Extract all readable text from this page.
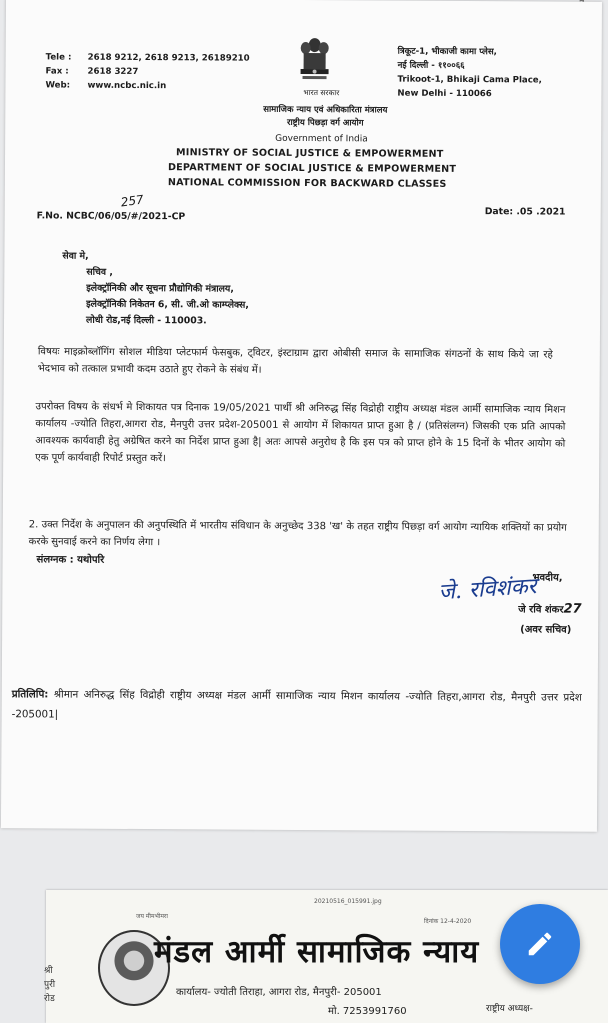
Tele : 2618 9212, 2618 9213, 26189210
Fax : 2618 3227
Web: www.ncbc.nic.in
भारत सरकार
त्रिकूट-1, भीकाजी कामा प्लेस,
नई दिल्ली - ११००६६
Trikoot-1, Bhikaji Cama Place,
New Delhi - 110066
सामाजिक न्याय एवं अधिकारिता मंत्रालय
राष्ट्रीय पिछड़ा वर्ग आयोग
Government of India
MINISTRY OF SOCIAL JUSTICE & EMPOWERMENT
DEPARTMENT OF SOCIAL JUSTICE & EMPOWERMENT
NATIONAL COMMISSION FOR BACKWARD CLASSES
257
F.No. NCBC/06/05/#/2021-CP	Date: .05 .2021
सेवा मे,
सचिव ,
इलेक्ट्रॉनिकी और सूचना प्रौद्योगिकी मंत्रालय,
इलेक्ट्रॉनिकी निकेतन 6, सी. जी.ओ काम्प्लेक्स,
लोधी रोड,नई दिल्ली - 110003.
विषयः माइक्रोब्लॉगिंग सोशल मीडिया प्लेटफार्म फेसबुक, ट्विटर, इंस्टाग्राम द्वारा ओबीसी समाज के सामाजिक संगठनों के साथ किये जा रहे भेदभाव को तत्काल प्रभावी कदम उठाते हुए रोकने के संबंध में।
उपरोक्त विषय के संधर्भ मे शिकायत पत्र दिनाक 19/05/2021 पार्थी श्री अनिरुद्ध सिंह विद्रोही राष्ट्रीय अध्यक्ष मंडल आर्मी सामाजिक न्याय मिशन कार्यालय -ज्योति तिहरा,आगरा रोड, मैनपुरी उत्तर प्रदेश-205001 से आयोग में शिकायत प्राप्त हुआ है / (प्रतिसंलग्न) जिसकी एक प्रति आपको आवश्यक कार्यवाही हेतु अग्रेषित करने का निर्देश प्राप्त हुआ है| अतः आपसे अनुरोध है कि इस पत्र को प्राप्त होने के 15 दिनों के भीतर आयोग को एक पूर्ण कार्यवाही रिपोर्ट प्रस्तुत करें।
2. उक्त निर्देश के अनुपालन की अनुपस्थिति में भारतीय संविधान के अनुच्छेद 338 'ख' के तहत राष्ट्रीय पिछड़ा वर्ग आयोग न्यायिक शक्तियों का प्रयोग करके सुनवाई करने का निर्णय लेगा ।
संलग्नक : यथोपरि
भवदीय,
जे. रविशंकर
जे रवि शंकर27
(अवर सचिव)
प्रतिलिपि: श्रीमान अनिरुद्ध सिंह विद्रोही राष्ट्रीय अध्यक्ष मंडल आर्मी सामाजिक न्याय मिशन कार्यालय -ज्योति तिहरा,आगरा रोड, मैनपुरी उत्तर प्रदेश -205001|
20210516_015991.jpg
जय मीमभीमरा
दिनांक 12-4-2020
श्री
पुरी
रोड
मंडल आर्मी सामाजिक न्याय
कार्यालय- ज्योती तिराहा, आगरा रोड, मैनपुरी- 205001
मो. 7253991760	राष्ट्रीय अध्यक्ष-
